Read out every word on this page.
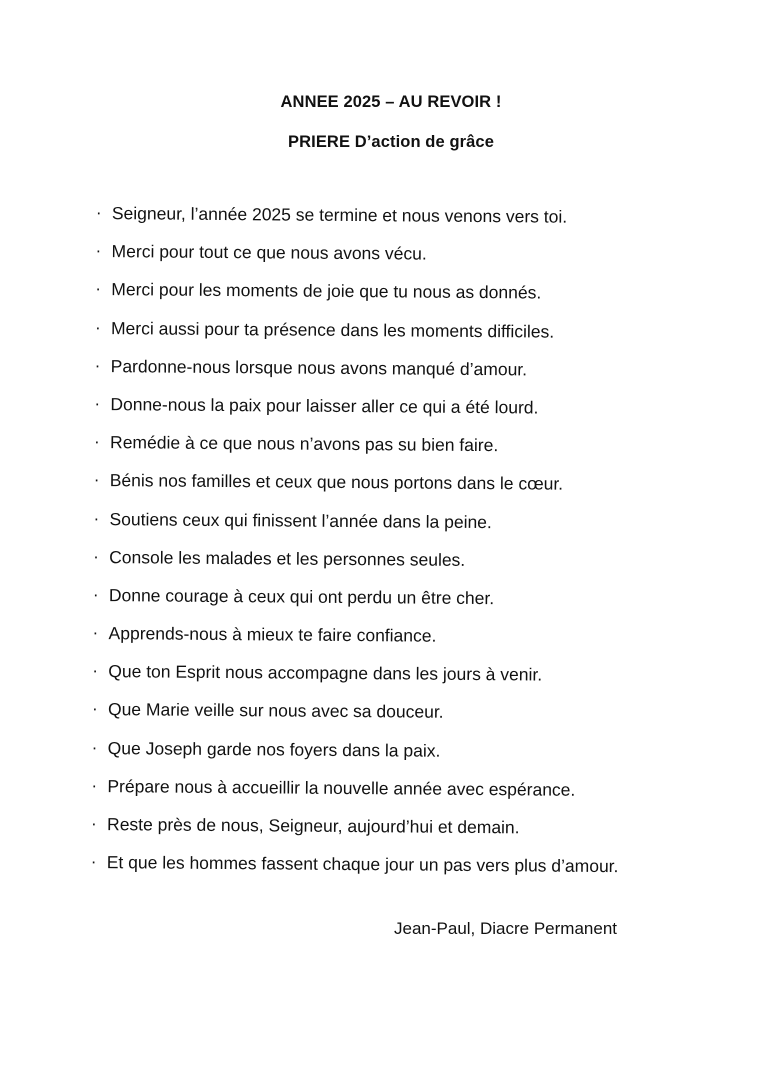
ANNEE 2025 – AU REVOIR !
PRIERE D’action de grâce
· Seigneur, l’année 2025 se termine et nous venons vers toi.
· Merci pour tout ce que nous avons vécu.
· Merci pour les moments de joie que tu nous as donnés.
· Merci aussi pour ta présence dans les moments difficiles.
· Pardonne-nous lorsque nous avons manqué d’amour.
· Donne-nous la paix pour laisser aller ce qui a été lourd.
· Remédie à ce que nous n’avons pas su bien faire.
· Bénis nos familles et ceux que nous portons dans le cœur.
· Soutiens ceux qui finissent l’année dans la peine.
· Console les malades et les personnes seules.
· Donne courage à ceux qui ont perdu un être cher.
· Apprends-nous à mieux te faire confiance.
· Que ton Esprit nous accompagne dans les jours à venir.
· Que Marie veille sur nous avec sa douceur.
· Que Joseph garde nos foyers dans la paix.
· Prépare nous à accueillir la nouvelle année avec espérance.
· Reste près de nous, Seigneur, aujourd’hui et demain.
· Et que les hommes fassent chaque jour un pas vers plus d’amour.
Jean-Paul, Diacre Permanent
